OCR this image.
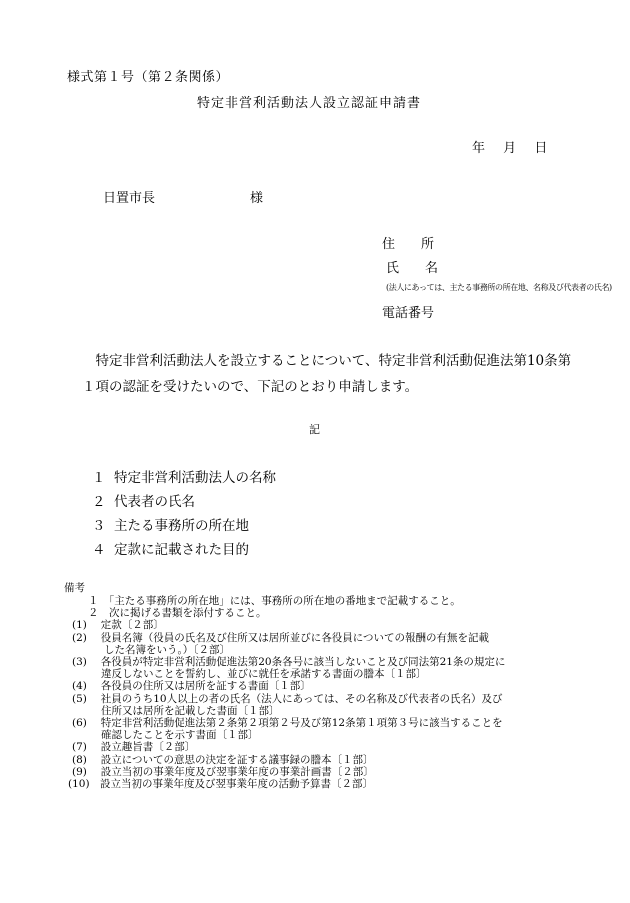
様式第１号（第２条関係）
特定非営利活動法人設立認証申請書
年 月 日
日置市長	様
住　　所
氏　　名
(法人にあっては、主たる事務所の所在地、名称及び代表者の氏名)
電話番号
　特定非営利活動法人を設立することについて、特定非営利活動促進法第10条第１項の認証を受けたいので、下記のとおり申請します。
記
１ 特定非営利活動法人の名称
２ 代表者の氏名
３ 主たる事務所の所在地
４ 定款に記載された目的
備考
１　「主たる事務所の所在地」には、事務所の所在地の番地まで記載すること。
２　次に掲げる書類を添付すること。
(1)　 定款〔２部〕
(2)　 役員名簿（役員の氏名及び住所又は居所並びに各役員についての報酬の有無を記載
した名簿をいう。）〔２部〕
(3)　 各役員が特定非営利活動促進法第20条各号に該当しないこと及び同法第21条の規定に
違反しないことを誓約し、並びに就任を承諾する書面の謄本〔１部〕
(4)　 各役員の住所又は居所を証する書面〔１部〕
(5)　 社員のうち10人以上の者の氏名（法人にあっては、その名称及び代表者の氏名）及び
住所又は居所を記載した書面〔１部〕
(6)　 特定非営利活動促進法第２条第２項第２号及び第12条第１項第３号に該当することを
確認したことを示す書面〔１部〕
(7)　 設立趣旨書〔２部〕
(8)　 設立についての意思の決定を証する議事録の謄本〔１部〕
(9)　 設立当初の事業年度及び翌事業年度の事業計画書〔２部〕
(10)　設立当初の事業年度及び翌事業年度の活動予算書〔２部〕
